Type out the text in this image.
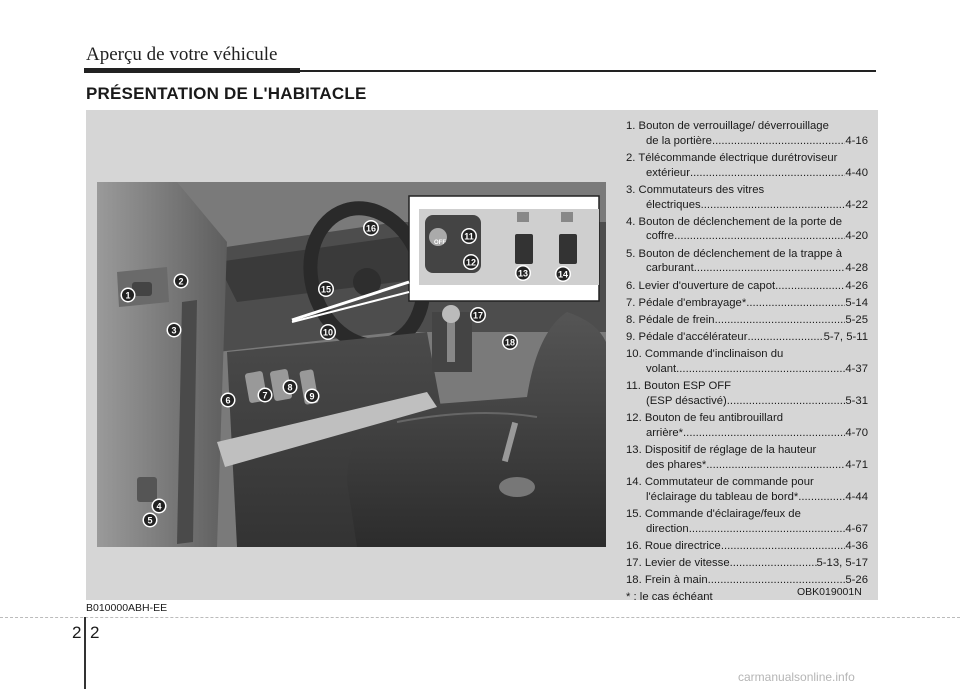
Aperçu de votre véhicule
PRÉSENTATION DE L'HABITACLE
OFF
1
2
3
4
5
6	7
8
9
10
11
12
13	14
15
16
17
18
1. Bouton de verrouillage/ déverrouillage
de la portière .....	4-16
2. Télécommande électrique durétroviseur
extérieur .....	4-40
3. Commutateurs des vitres
électriques .....	4-22
4. Bouton de déclenchement de la porte de
coffre .....	4-20
5. Bouton de déclenchement de la trappe à
carburant .....	4-28
6. Levier d'ouverture de capot .....	4-26
7. Pédale d'embrayage* .....	5-14
8. Pédale de frein .....	5-25
9. Pédale d'accélérateur .....	5-7, 5-11
10. Commande d'inclinaison du
volant .....	4-37
11. Bouton ESP OFF
(ESP désactivé) .....	5-31
12. Bouton de feu antibrouillard
arrière* .....	4-70
13. Dispositif de réglage de la hauteur
des phares* .....	4-71
14. Commutateur de commande pour
l'éclairage du tableau de bord* .....	4-44
15. Commande d'éclairage/feux de
direction .....	4-67
16. Roue directrice .....	4-36
17. Levier de vitesse .....	5-13, 5-17
18. Frein à main .....	5-26
* : le cas échéant	OBK019001N
B010000ABH-EE
2 2
carmanualsonline.info
